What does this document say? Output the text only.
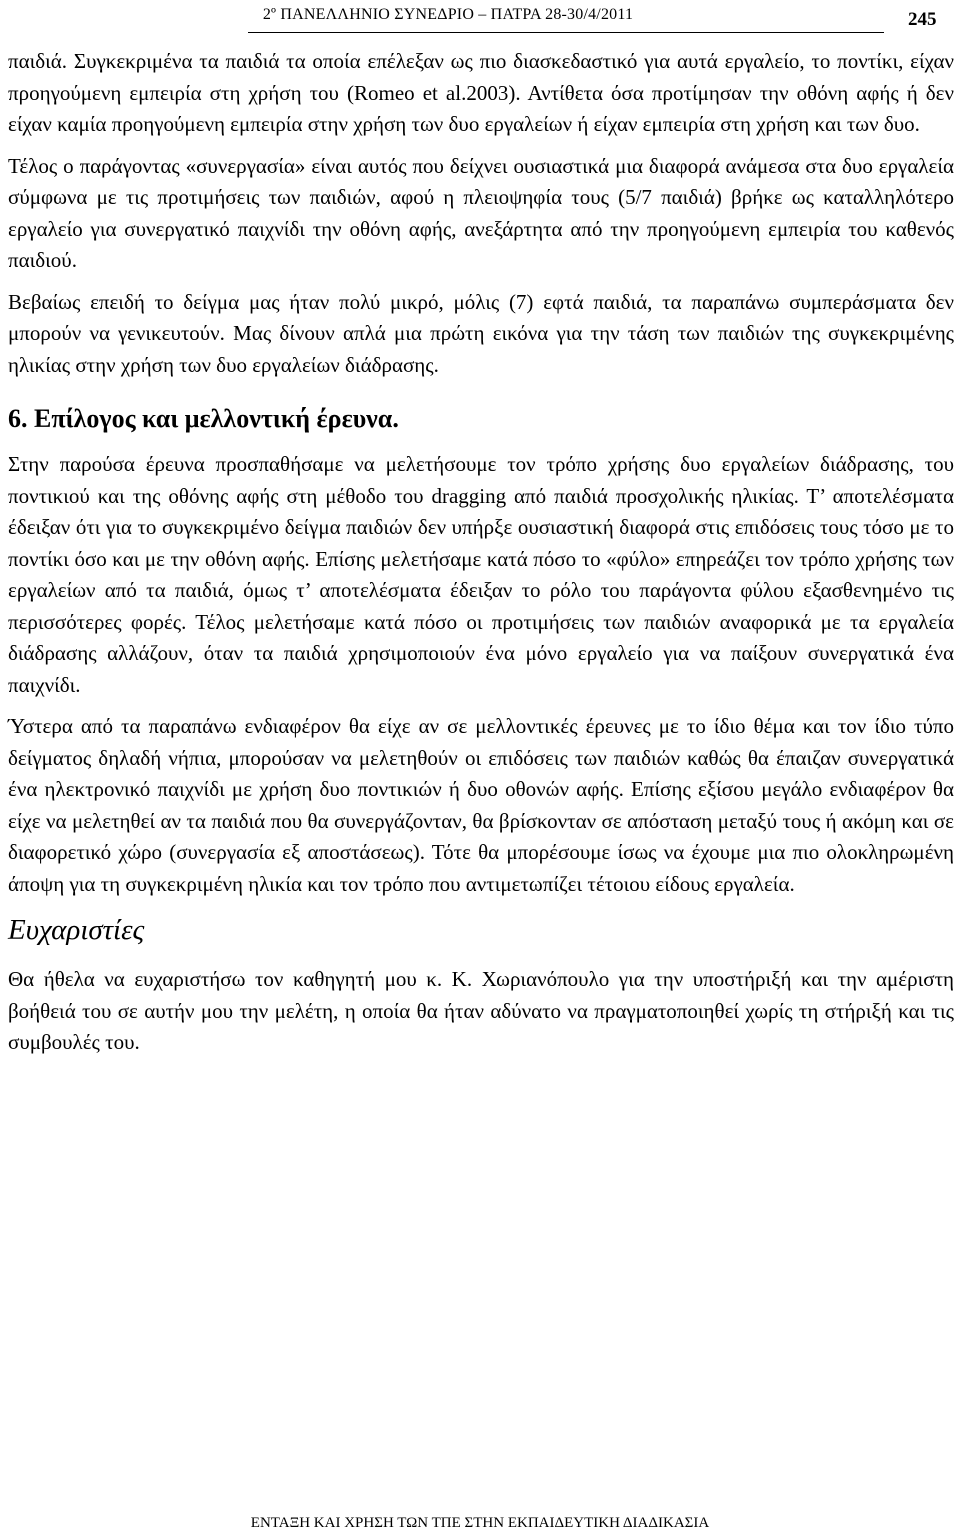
2º ΠΑΝΕΛΛΗΝΙΟ ΣΥΝΕΔΡΙΟ – ΠΑΤΡΑ 28-30/4/2011	245

παιδιά. Συγκεκριμένα τα παιδιά τα οποία επέλεξαν ως πιο διασκεδαστικό για αυτά εργαλείο, το ποντίκι, είχαν προηγούμενη εμπειρία στη χρήση του (Romeo et al.2003). Αντίθετα όσα προτίμησαν την οθόνη αφής ή δεν είχαν καμία προηγούμενη εμπειρία στην χρήση των δυο εργαλείων ή είχαν εμπειρία στη χρήση και των δυο.

Τέλος ο παράγοντας «συνεργασία» είναι αυτός που δείχνει ουσιαστικά μια διαφορά ανάμεσα στα δυο εργαλεία σύμφωνα με τις προτιμήσεις των παιδιών, αφού η πλειοψηφία τους (5/7 παιδιά) βρήκε ως καταλληλότερο εργαλείο για συνεργατικό παιχνίδι την οθόνη αφής, ανεξάρτητα από την προηγούμενη εμπειρία του καθενός παιδιού.

Βεβαίως επειδή το δείγμα μας ήταν πολύ μικρό, μόλις (7) εφτά παιδιά, τα παραπάνω συμπεράσματα δεν μπορούν να γενικευτούν. Μας δίνουν απλά μια πρώτη εικόνα για την τάση των παιδιών της συγκεκριμένης ηλικίας στην χρήση των δυο εργαλείων διάδρασης.

6. Επίλογος και μελλοντική έρευνα.

Στην παρούσα έρευνα προσπαθήσαμε να μελετήσουμε τον τρόπο χρήσης δυο εργαλείων διάδρασης, του ποντικιού και της οθόνης αφής στη μέθοδο του dragging από παιδιά προσχολικής ηλικίας. Τ’ αποτελέσματα έδειξαν ότι για το συγκεκριμένο δείγμα παιδιών δεν υπήρξε ουσιαστική διαφορά στις επιδόσεις τους τόσο με το ποντίκι όσο και με την οθόνη αφής. Επίσης μελετήσαμε κατά πόσο το «φύλο» επηρεάζει τον τρόπο χρήσης των εργαλείων από τα παιδιά, όμως τ’ αποτελέσματα έδειξαν το ρόλο του παράγοντα φύλου εξασθενημένο τις περισσότερες φορές. Τέλος μελετήσαμε κατά πόσο οι προτιμήσεις των παιδιών αναφορικά με τα εργαλεία διάδρασης αλλάζουν, όταν τα παιδιά χρησιμοποιούν ένα μόνο εργαλείο για να παίξουν συνεργατικά ένα παιχνίδι.

Ύστερα από τα παραπάνω ενδιαφέρον θα είχε αν σε μελλοντικές έρευνες με το ίδιο θέμα και τον ίδιο τύπο δείγματος δηλαδή νήπια, μπορούσαν να μελετηθούν οι επιδόσεις των παιδιών καθώς θα έπαιζαν συνεργατικά ένα ηλεκτρονικό παιχνίδι με χρήση δυο ποντικιών ή δυο οθονών αφής. Επίσης εξίσου μεγάλο ενδιαφέρον θα είχε να μελετηθεί αν τα παιδιά που θα συνεργάζονταν, θα βρίσκονταν σε απόσταση μεταξύ τους ή ακόμη και σε διαφορετικό χώρο (συνεργασία εξ αποστάσεως). Τότε θα μπορέσουμε ίσως να έχουμε μια πιο ολοκληρωμένη άποψη για τη συγκεκριμένη ηλικία και τον τρόπο που αντιμετωπίζει τέτοιου είδους εργαλεία.

Ευχαριστίες

Θα ήθελα να ευχαριστήσω τον καθηγητή μου κ. Κ. Χωριανόπουλο για την υποστήριξή και την αμέριστη βοήθειά του σε αυτήν μου την μελέτη, η οποία θα ήταν αδύνατο να πραγματοποιηθεί χωρίς τη στήριξή και τις συμβουλές του.

ΕΝΤΑΞΗ ΚΑΙ ΧΡΗΣΗ ΤΩΝ ΤΠΕ ΣΤΗΝ ΕΚΠΑΙΔΕΥΤΙΚΗ ΔΙΑΔΙΚΑΣΙΑ
